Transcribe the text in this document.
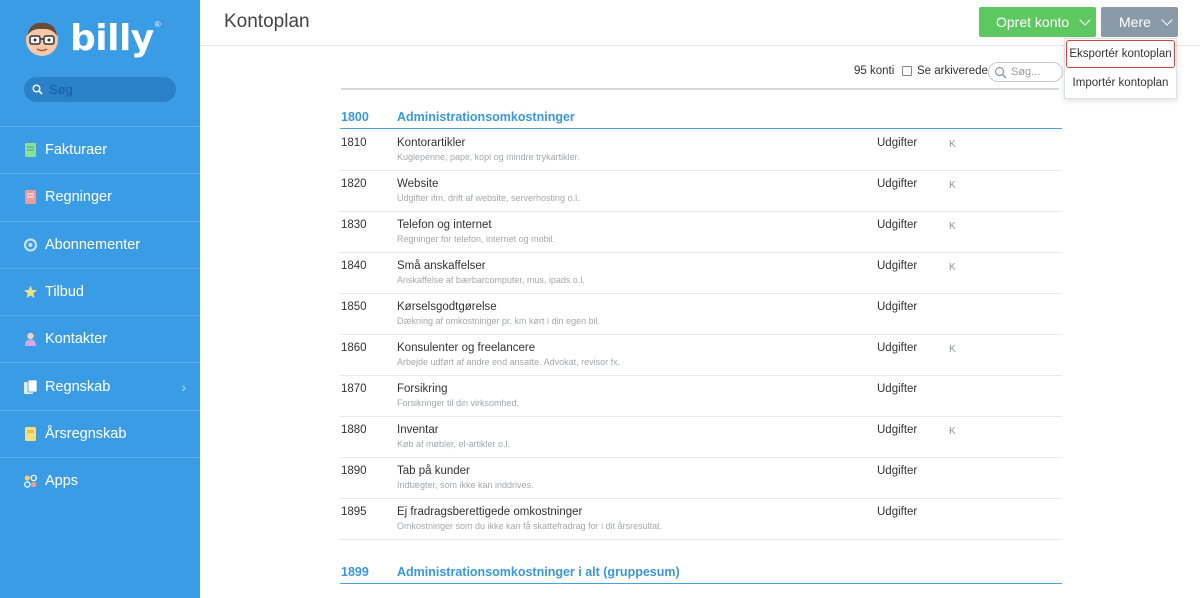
billy ®
Søg
Fakturaer
Regninger
Abonnementer
Tilbud
Kontakter
Regnskab	›
Årsregnskab
Apps
Kontoplan	Opret konto	Mere
Eksportér kontoplan
Importér kontoplan
95 konti Se arkiverede
Søg...
1800 Administrationsomkostninger
1810	Kontorartikler
Kuglepenne, papir, kopi og mindre trykartikler.
Udgifter	K
1820	Website
Udgifter ifm. drift af website, serverhosting o.l.
Udgifter	K
1830	Telefon og internet
Regninger for telefon, internet og mobil.
Udgifter	K
1840	Små anskaffelser
Anskaffelse af bærbarcomputer, mus, ipads o.l.
Udgifter	K
1850	Kørselsgodtgørelse
Dækning af omkostninger pr. km kørt i din egen bil.
Udgifter
1860	Konsulenter og freelancere
Arbejde udført af andre end ansatte. Advokat, revisor fx.
Udgifter	K
1870	Forsikring
Forsikringer til din virksomhed.
Udgifter
1880	Inventar
Køb af møbler, el-artikler o.l.
Udgifter	K
1890	Tab på kunder
Indtægter, som ikke kan inddrives.
Udgifter
1895	Ej fradragsberettigede omkostninger
Omkostninger som du ikke kan få skattefradrag for i dit årsresultat.
Udgifter
1899 Administrationsomkostninger i alt (gruppesum)
